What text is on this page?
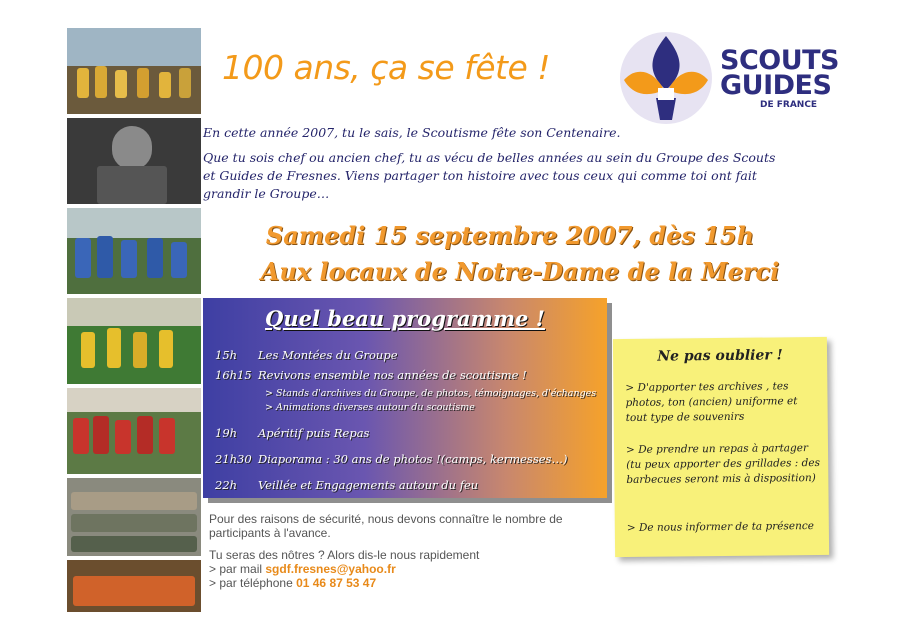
100 ans, ça se fête !	SCOUTS
GUIDES
DE FRANCE

En cette année 2007, tu le sais, le Scoutisme fête son Centenaire.

Que tu sois chef ou ancien chef, tu as vécu de belles années au sein du Groupe des Scouts
et Guides de Fresnes. Viens partager ton histoire avec tous ceux qui comme toi ont fait
grandir le Groupe…

Samedi 15 septembre 2007, dès 15h
Aux locaux de Notre-Dame de la Merci
Quel beau programme !
15h Les Montées du Groupe
16h15 Revivons ensemble nos années de scoutisme !
> Stands d'archives du Groupe, de photos, témoignages, d'échanges
> Animations diverses autour du scoutisme
19h Apéritif puis Repas
21h30 Diaporama : 30 ans de photos !(camps, kermesses…)
22h Veillée et Engagements autour du feu
Ne pas oublier !
> D'apporter tes archives , tes photos, ton (ancien) uniforme et tout type de souvenirs
> De prendre un repas à partager (tu peux apporter des grillades : des barbecues seront mis à disposition)
> De nous informer de ta présence

Pour des raisons de sécurité, nous devons connaître le nombre de

participants à l'avance.

Tu seras des nôtres ? Alors dis-le nous rapidement

> par mail sgdf.fresnes@yahoo.fr

> par téléphone 01 46 87 53 47
